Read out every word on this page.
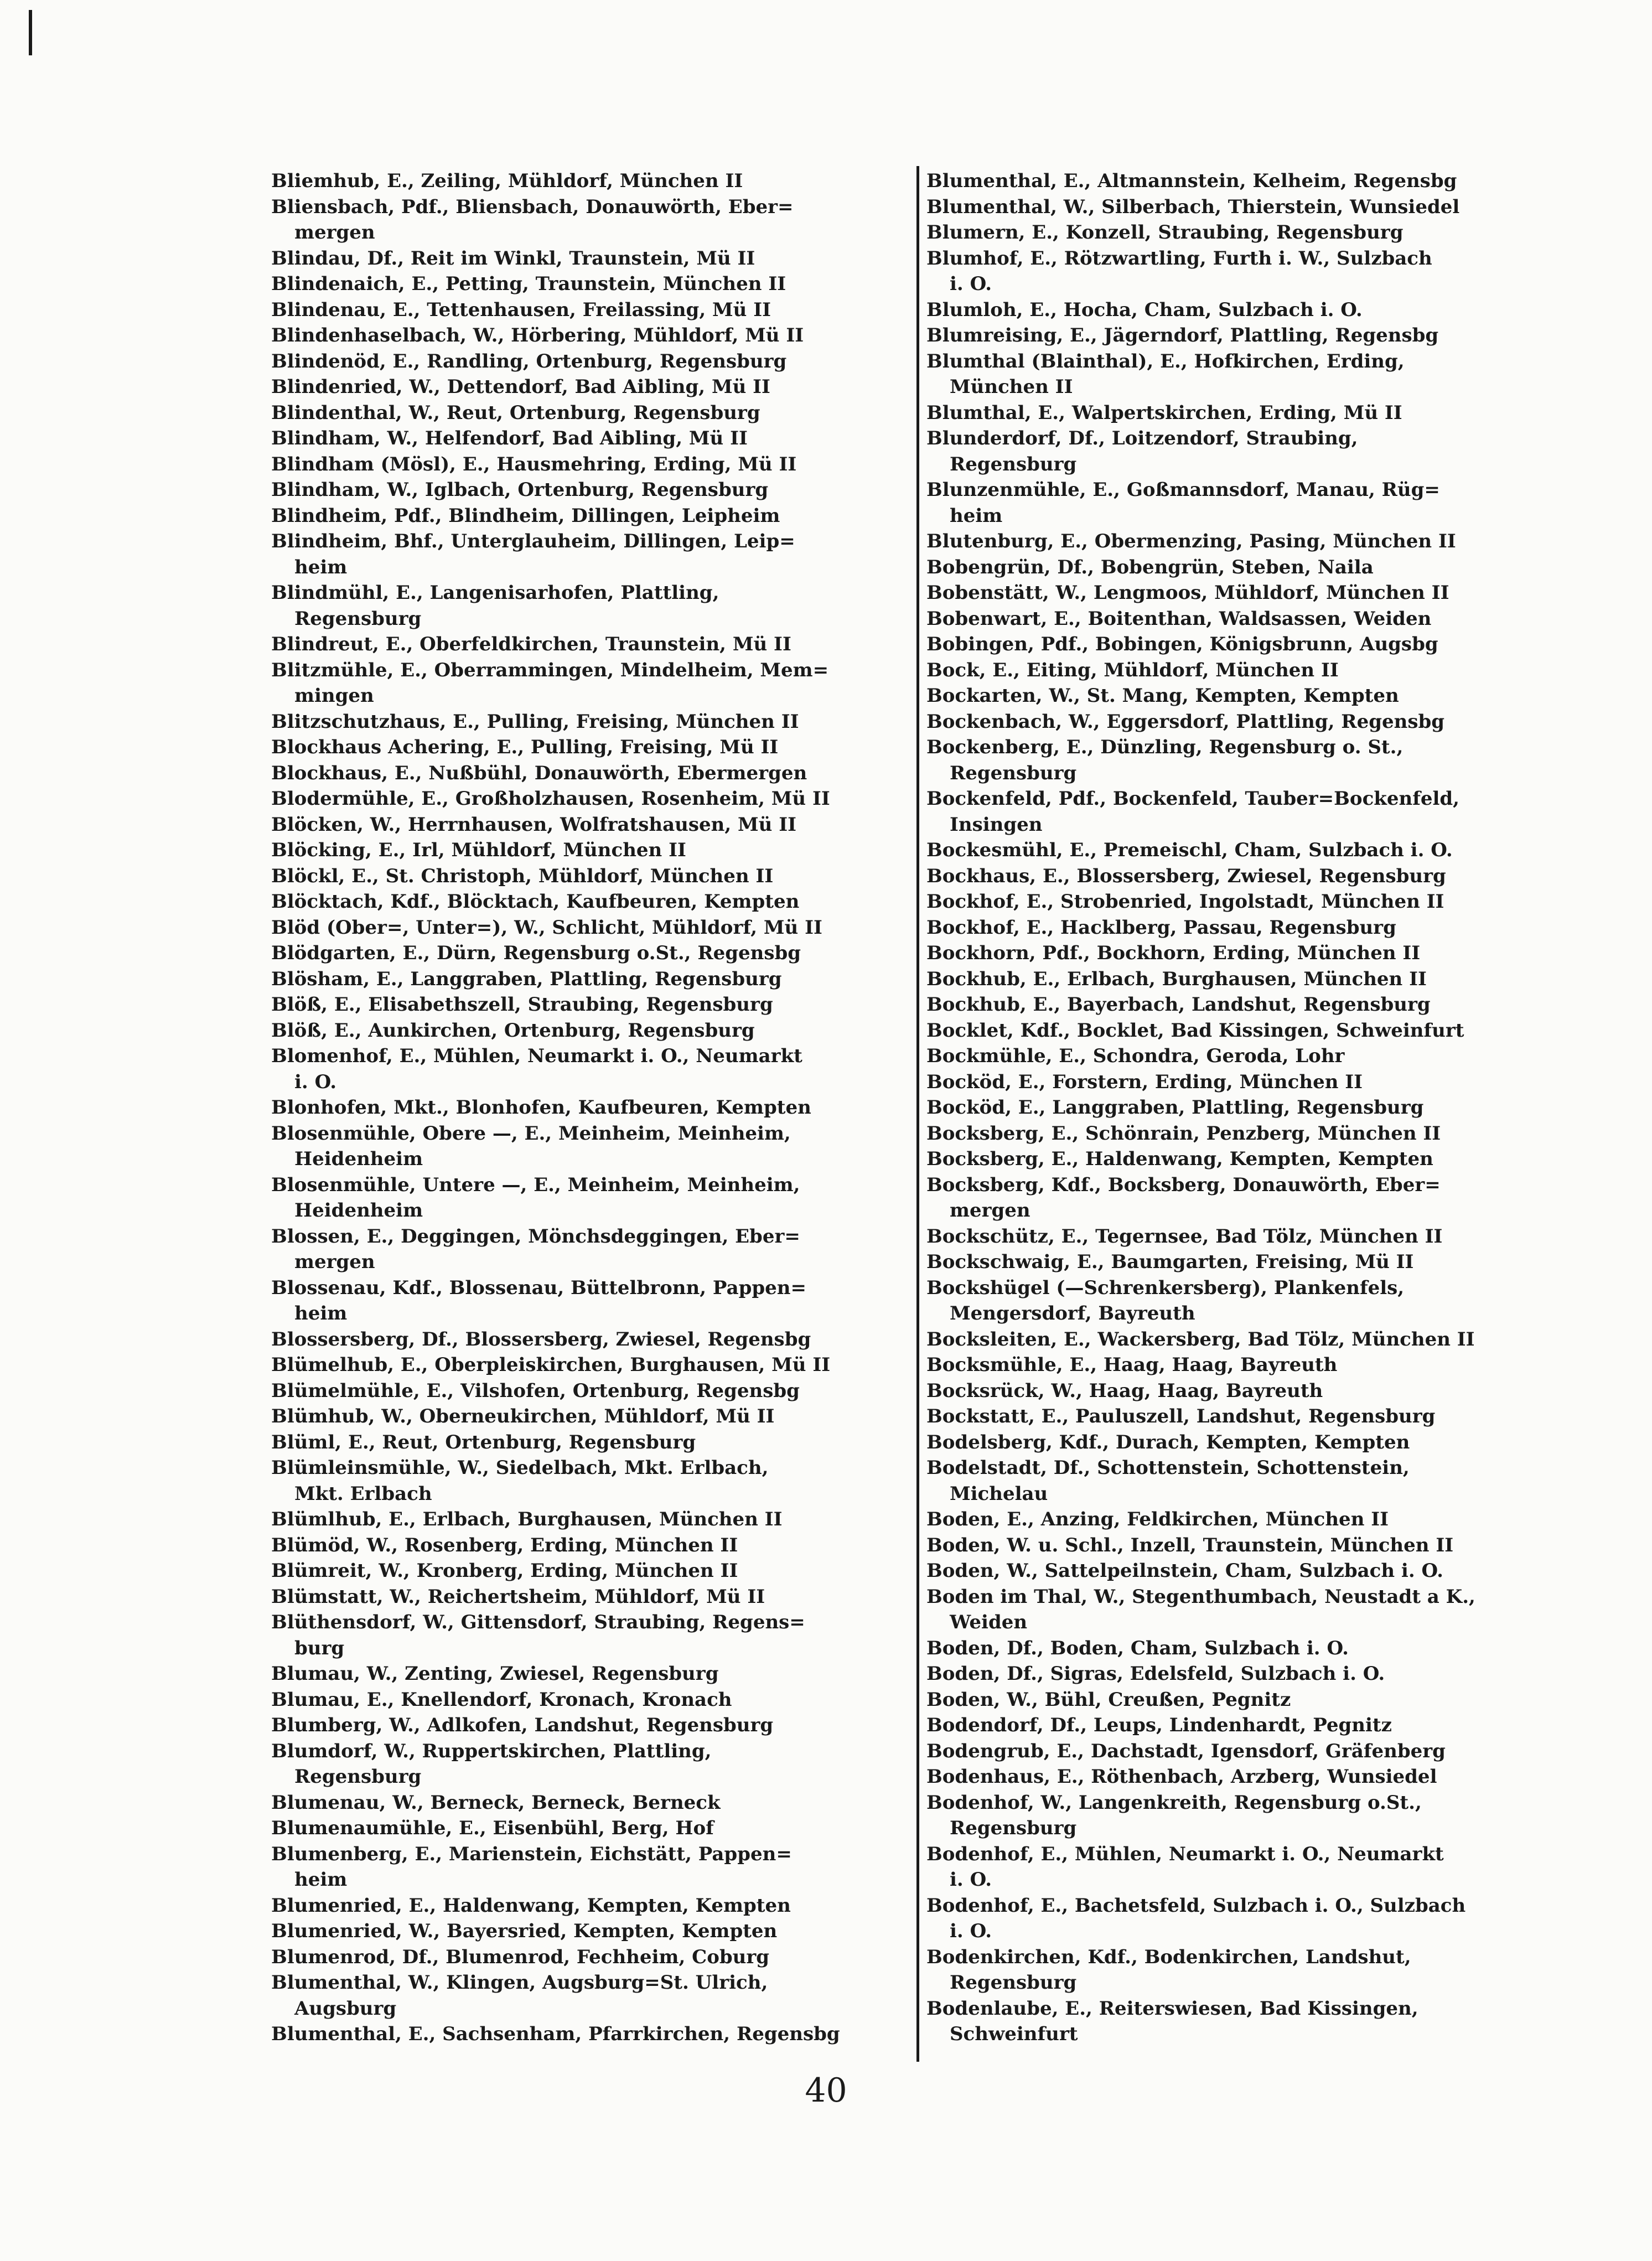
Bliemhub, E., Zeiling, Mühldorf, München II
Bliensbach, Pdf., Bliensbach, Donauwörth, Eber=
mergen
Blindau, Df., Reit im Winkl, Traunstein, Mü II
Blindenaich, E., Petting, Traunstein, München II
Blindenau, E., Tettenhausen, Freilassing, Mü II
Blindenhaselbach, W., Hörbering, Mühldorf, Mü II
Blindenöd, E., Randling, Ortenburg, Regensburg
Blindenried, W., Dettendorf, Bad Aibling, Mü II
Blindenthal, W., Reut, Ortenburg, Regensburg
Blindham, W., Helfendorf, Bad Aibling, Mü II
Blindham (Mösl), E., Hausmehring, Erding, Mü II
Blindham, W., Iglbach, Ortenburg, Regensburg
Blindheim, Pdf., Blindheim, Dillingen, Leipheim
Blindheim, Bhf., Unterglauheim, Dillingen, Leip=
heim
Blindmühl, E., Langenisarhofen, Plattling,
Regensburg
Blindreut, E., Oberfeldkirchen, Traunstein, Mü II
Blitzmühle, E., Oberrammingen, Mindelheim, Mem=
mingen
Blitzschutzhaus, E., Pulling, Freising, München II
Blockhaus Achering, E., Pulling, Freising, Mü II
Blockhaus, E., Nußbühl, Donauwörth, Ebermergen
Blodermühle, E., Großholzhausen, Rosenheim, Mü II
Blöcken, W., Herrnhausen, Wolfratshausen, Mü II
Blöcking, E., Irl, Mühldorf, München II
Blöckl, E., St. Christoph, Mühldorf, München II
Blöcktach, Kdf., Blöcktach, Kaufbeuren, Kempten
Blöd (Ober=, Unter=), W., Schlicht, Mühldorf, Mü II
Blödgarten, E., Dürn, Regensburg o.St., Regensbg
Blösham, E., Langgraben, Plattling, Regensburg
Blöß, E., Elisabethszell, Straubing, Regensburg
Blöß, E., Aunkirchen, Ortenburg, Regensburg
Blomenhof, E., Mühlen, Neumarkt i. O., Neumarkt
i. O.
Blonhofen, Mkt., Blonhofen, Kaufbeuren, Kempten
Blosenmühle, Obere —, E., Meinheim, Meinheim,
Heidenheim
Blosenmühle, Untere —, E., Meinheim, Meinheim,
Heidenheim
Blossen, E., Deggingen, Mönchsdeggingen, Eber=
mergen
Blossenau, Kdf., Blossenau, Büttelbronn, Pappen=
heim
Blossersberg, Df., Blossersberg, Zwiesel, Regensbg
Blümelhub, E., Oberpleiskirchen, Burghausen, Mü II
Blümelmühle, E., Vilshofen, Ortenburg, Regensbg
Blümhub, W., Oberneukirchen, Mühldorf, Mü II
Blüml, E., Reut, Ortenburg, Regensburg
Blümleinsmühle, W., Siedelbach, Mkt. Erlbach,
Mkt. Erlbach
Blümlhub, E., Erlbach, Burghausen, München II
Blümöd, W., Rosenberg, Erding, München II
Blümreit, W., Kronberg, Erding, München II
Blümstatt, W., Reichertsheim, Mühldorf, Mü II
Blüthensdorf, W., Gittensdorf, Straubing, Regens=
burg
Blumau, W., Zenting, Zwiesel, Regensburg
Blumau, E., Knellendorf, Kronach, Kronach
Blumberg, W., Adlkofen, Landshut, Regensburg
Blumdorf, W., Ruppertskirchen, Plattling,
Regensburg
Blumenau, W., Berneck, Berneck, Berneck
Blumenaumühle, E., Eisenbühl, Berg, Hof
Blumenberg, E., Marienstein, Eichstätt, Pappen=
heim
Blumenried, E., Haldenwang, Kempten, Kempten
Blumenried, W., Bayersried, Kempten, Kempten
Blumenrod, Df., Blumenrod, Fechheim, Coburg
Blumenthal, W., Klingen, Augsburg=St. Ulrich,
Augsburg
Blumenthal, E., Sachsenham, Pfarrkirchen, Regensbg
Blumenthal, E., Altmannstein, Kelheim, Regensbg
Blumenthal, W., Silberbach, Thierstein, Wunsiedel
Blumern, E., Konzell, Straubing, Regensburg
Blumhof, E., Rötzwartling, Furth i. W., Sulzbach
i. O.
Blumloh, E., Hocha, Cham, Sulzbach i. O.
Blumreising, E., Jägerndorf, Plattling, Regensbg
Blumthal (Blainthal), E., Hofkirchen, Erding,
München II
Blumthal, E., Walpertskirchen, Erding, Mü II
Blunderdorf, Df., Loitzendorf, Straubing,
Regensburg
Blunzenmühle, E., Goßmannsdorf, Manau, Rüg=
heim
Blutenburg, E., Obermenzing, Pasing, München II
Bobengrün, Df., Bobengrün, Steben, Naila
Bobenstätt, W., Lengmoos, Mühldorf, München II
Bobenwart, E., Boitenthan, Waldsassen, Weiden
Bobingen, Pdf., Bobingen, Königsbrunn, Augsbg
Bock, E., Eiting, Mühldorf, München II
Bockarten, W., St. Mang, Kempten, Kempten
Bockenbach, W., Eggersdorf, Plattling, Regensbg
Bockenberg, E., Dünzling, Regensburg o. St.,
Regensburg
Bockenfeld, Pdf., Bockenfeld, Tauber=Bockenfeld,
Insingen
Bockesmühl, E., Premeischl, Cham, Sulzbach i. O.
Bockhaus, E., Blossersberg, Zwiesel, Regensburg
Bockhof, E., Strobenried, Ingolstadt, München II
Bockhof, E., Hacklberg, Passau, Regensburg
Bockhorn, Pdf., Bockhorn, Erding, München II
Bockhub, E., Erlbach, Burghausen, München II
Bockhub, E., Bayerbach, Landshut, Regensburg
Bocklet, Kdf., Bocklet, Bad Kissingen, Schweinfurt
Bockmühle, E., Schondra, Geroda, Lohr
Bocköd, E., Forstern, Erding, München II
Bocköd, E., Langgraben, Plattling, Regensburg
Bocksberg, E., Schönrain, Penzberg, München II
Bocksberg, E., Haldenwang, Kempten, Kempten
Bocksberg, Kdf., Bocksberg, Donauwörth, Eber=
mergen
Bockschütz, E., Tegernsee, Bad Tölz, München II
Bockschwaig, E., Baumgarten, Freising, Mü II
Bockshügel (—Schrenkersberg), Plankenfels,
Mengersdorf, Bayreuth
Bocksleiten, E., Wackersberg, Bad Tölz, München II
Bocksmühle, E., Haag, Haag, Bayreuth
Bocksrück, W., Haag, Haag, Bayreuth
Bockstatt, E., Pauluszell, Landshut, Regensburg
Bodelsberg, Kdf., Durach, Kempten, Kempten
Bodelstadt, Df., Schottenstein, Schottenstein,
Michelau
Boden, E., Anzing, Feldkirchen, München II
Boden, W. u. Schl., Inzell, Traunstein, München II
Boden, W., Sattelpeilnstein, Cham, Sulzbach i. O.
Boden im Thal, W., Stegenthumbach, Neustadt a K.,
Weiden
Boden, Df., Boden, Cham, Sulzbach i. O.
Boden, Df., Sigras, Edelsfeld, Sulzbach i. O.
Boden, W., Bühl, Creußen, Pegnitz
Bodendorf, Df., Leups, Lindenhardt, Pegnitz
Bodengrub, E., Dachstadt, Igensdorf, Gräfenberg
Bodenhaus, E., Röthenbach, Arzberg, Wunsiedel
Bodenhof, W., Langenkreith, Regensburg o.St.,
Regensburg
Bodenhof, E., Mühlen, Neumarkt i. O., Neumarkt
i. O.
Bodenhof, E., Bachetsfeld, Sulzbach i. O., Sulzbach
i. O.
Bodenkirchen, Kdf., Bodenkirchen, Landshut,
Regensburg
Bodenlaube, E., Reiterswiesen, Bad Kissingen,
Schweinfurt
40
